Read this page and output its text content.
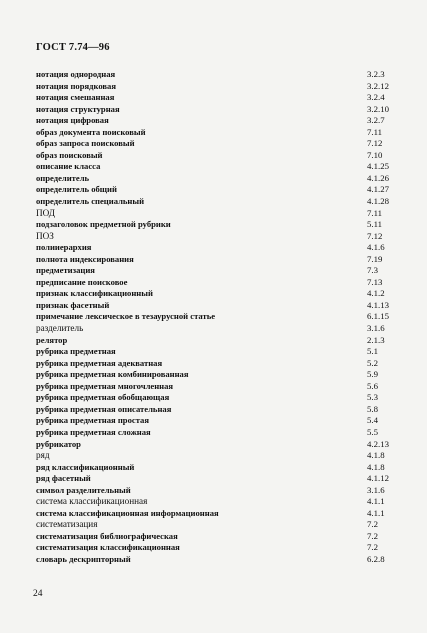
ГОСТ 7.74—96
нотация однородная	3.2.3
нотация порядковая	3.2.12
нотация смешанная	3.2.4
нотация структурная	3.2.10
нотация цифровая	3.2.7
образ документа поисковый	7.11
образ запроса поисковый	7.12
образ поисковый	7.10
описание класса	4.1.25
определитель	4.1.26
определитель общий	4.1.27
определитель специальный	4.1.28
ПОД	7.11
подзаголовок предметной рубрики	5.11
ПОЗ	7.12
полииерархия	4.1.6
полнота индексирования	7.19
предметизация	7.3
предписание поисковое	7.13
признак классификационный	4.1.2
признак фасетный	4.1.13
примечание лексическое в тезаурусной статье	6.1.15
разделитель	3.1.6
релятор	2.1.3
рубрика предметная	5.1
рубрика предметная адекватная	5.2
рубрика предметная комбинированная	5.9
рубрика предметная многочленная	5.6
рубрика предметная обобщающая	5.3
рубрика предметная описательная	5.8
рубрика предметная простая	5.4
рубрика предметная сложная	5.5
рубрикатор	4.2.13
ряд	4.1.8
ряд классификационный	4.1.8
ряд фасетный	4.1.12
символ разделительный	3.1.6
система классификационная	4.1.1
система классификационная информационная	4.1.1
систематизация	7.2
систематизация библиографическая	7.2
систематизация классификационная	7.2
словарь дескрипторный	6.2.8
24
